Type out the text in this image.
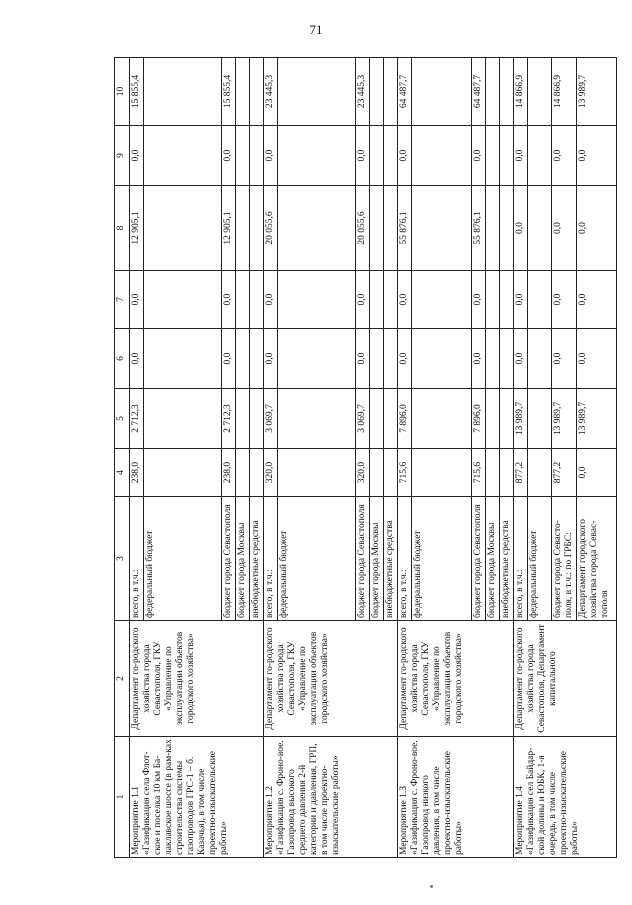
71
1	2	3	4	5	6	7	8	9	10
Мероприятие 1.1 «Газификация села Флот-ское и поселка 10 км Ба-лаклавское шоссе (в рам-ках строительства системы газопроводов ГРС-1 – б. Казачья), в том числе проектно-изыскательские работы»	Департамент го-родского хозяйства города Севастополя, ГКУ «Управление по эксплуатации объектов городского хозяйства»	всего, в т.ч.:	238,0	2 712,3	0,0	0,0	12 905,1	0,0	15 855,4
		федеральный бюджет							
		бюджет города Севастополя	238,0	2 712,3	0,0	0,0	12 905,1	0,0	15 855,4
		бюджет города Москвы							
		внебюджетные средства							
Мероприятие 1.2 «Газификация с. Фроно-вое. Газопровод высокого среднего давления 2-й категории и давления, ГРП, в том числе проектно-изыскательские работы»	Департамент го-родского хозяйства города Севастополя, ГКУ «Управление по эксплуатации объектов городского хозяйства»	всего, в т.ч.:	320,0	3 069,7	0,0	0,0	20 055,6	0,0	23 445,3
		федеральный бюджет							
		бюджет города Севастополя	320,0	3 069,7	0,0	0,0	20 055,6	0,0	23 445,3
		бюджет города Москвы							
		внебюджетные средства							
Мероприятие 1.3 «Газификация с. Фроно-вое. Газопровод низкого давления, в том числе проектно-изыскательские работы»	Департамент го-родского хозяйства города Севастополя, ГКУ «Управление по эксплуатации объектов городского хозяйства»	всего, в т.ч.:	715,6	7 896,0	0,0	0,0	55 876,1	0,0	64 487,7
		федеральный бюджет							
		бюджет города Севастополя	715,6	7 896,0	0,0	0,0	55 876,1	0,0	64 487,7
		бюджет города Москвы							
		внебюджетные средства							
Мероприятие 1.4 «Газификация сел Байдар-ской долины и ЮБК, 1-я очередь, в том числе проектно-изыскательские работы»	Департамент го-родского хозяйства города Севастополя, Департамент капитального	всего, в т.ч.:	877,2	13 989,7	0,0	0,0	0,0	0,0	14 866,9
		федеральный бюджет							
		бюджет города Севасто-поля, в т.ч.: по ГРБС:	877,2	13 989,7	0,0	0,0	0,0	0,0	14 866,9
		Департамент городского хозяйства города Севас-тополя	0,0	13 989,7	0,0	0,0	0,0	0,0	13 989,7
